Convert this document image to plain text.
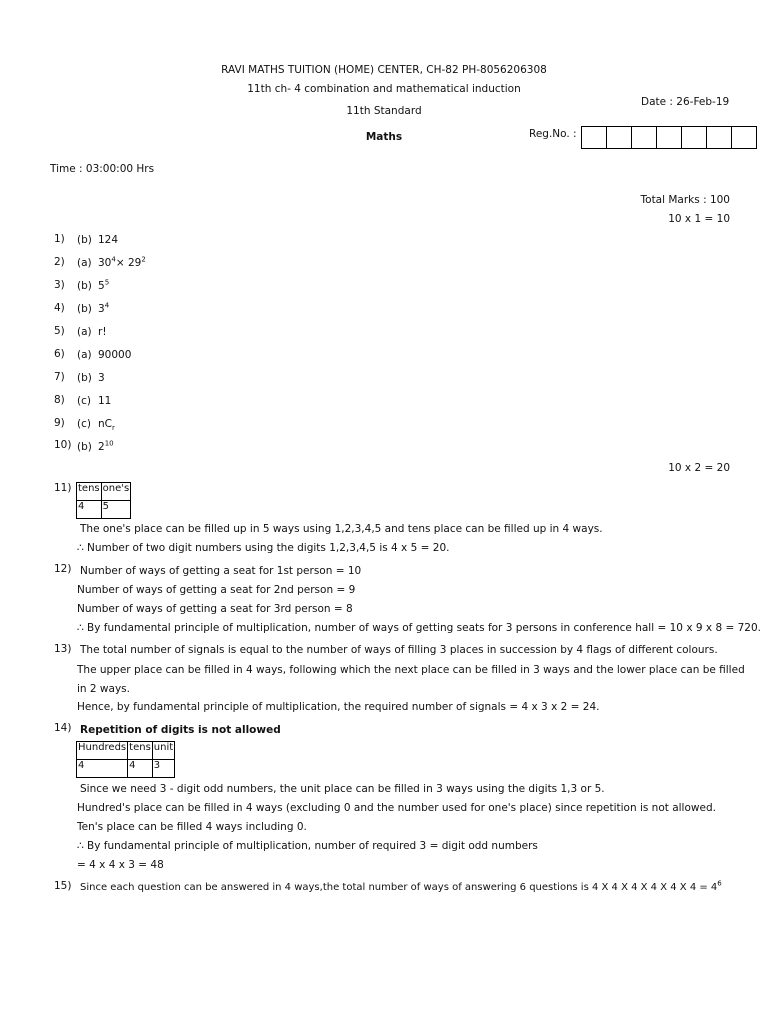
RAVI MATHS TUITION (HOME) CENTER, CH-82 PH-8056206308
11th ch- 4 combination and mathematical induction
11th Standard
Maths
Date : 26-Feb-19
Reg.No. :

Time : 03:00:00 Hrs
Total Marks : 100
10 x 1 = 10
1) (b) 124
2) (a) $30^4\times 29^2$
3) (b) $5^5$
4) (b) $3^4$
5) (a) r!
6) (a) 90000
7) (b) 3
8) (c) 11
9) (c) $nC_r$
10) (b) $2^{10}$
10 x 2 = 20
11) tens	one's
4	5
The one's place can be filled up in 5 ways using 1,2,3,4,5 and tens place can be filled up in 4 ways.
∴ Number of two digit numbers using the digits 1,2,3,4,5 is 4 x 5 = 20.
12) Number of ways of getting a seat for 1st person = 10
Number of ways of getting a seat for 2nd person = 9
Number of ways of getting a seat for 3rd person = 8
∴ By fundamental principle of multiplication, number of ways of getting seats for 3 persons in conference hall = 10 x 9 x 8 = 720.
13) The total number of signals is equal to the number of ways of filling 3 places in succession by 4 flags of different colours.
The upper place can be filled in 4 ways, following which the next place can be filled in 3 ways and the lower place can be filled
in 2 ways.
Hence, by fundamental principle of multiplication, the required number of signals = 4 x 3 x 2 = 24.
14) Repetition of digits is not allowed
Hundreds	tens	unit
4	4	3
Since we need 3 - digit odd numbers, the unit place can be filled in 3 ways using the digits 1,3 or 5.
Hundred's place can be filled in 4 ways (excluding 0 and the number used for one's place) since repetition is not allowed.
Ten's place can be filled 4 ways including 0.
∴ By fundamental principle of multiplication, number of required 3 = digit odd numbers
= 4 x 4 x 3 = 48
15) Since each question can be answered in 4 ways,the total number of ways of answering 6 questions is 4 X 4 X 4 X 4 X 4 X $4 = 4^6$
